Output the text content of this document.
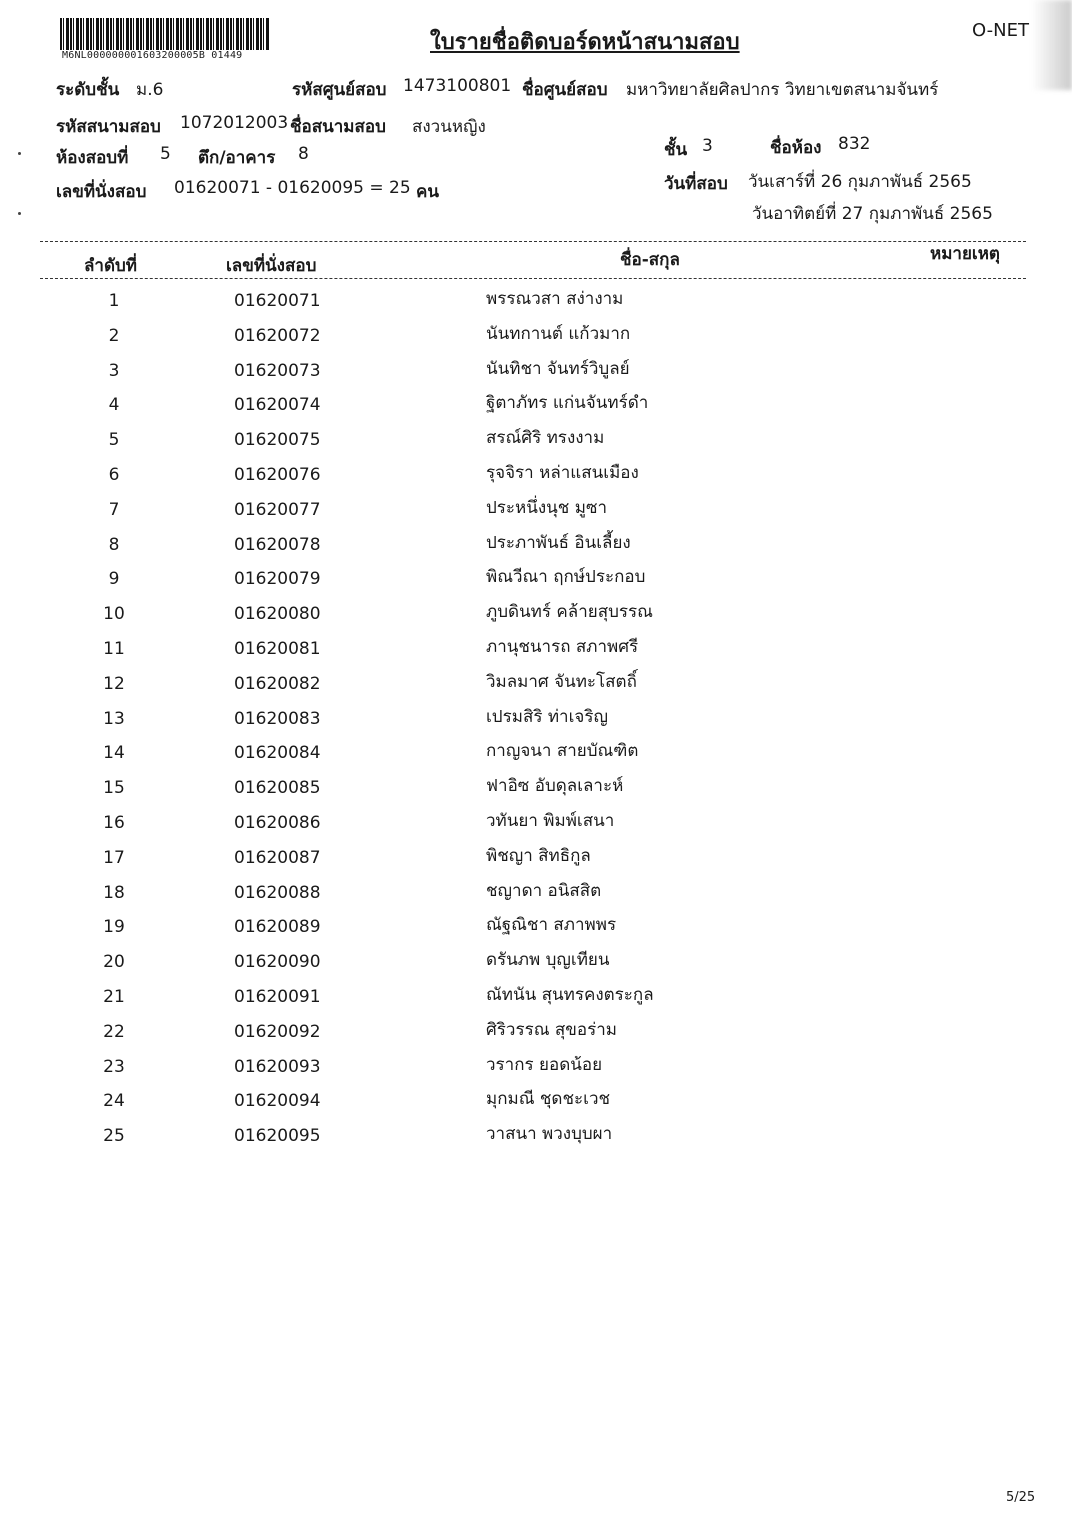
M6NL000000001603200005B 01449
ใบรายชื่อติดบอร์ดหน้าสนามสอบ	O-NET
ระดับชั้น ม.6	รหัสศูนย์สอบ 1473100801 ชื่อศูนย์สอบ มหาวิทยาลัยศิลปากร วิทยาเขตสนามจันทร์
รหัสสนามสอบ 1072012003 ชื่อสนามสอบ สงวนหญิง
ห้องสอบที่ 5 ตึก/อาคาร 8	ชั้น 3	ชื่อห้อง 832
เลขที่นั่งสอบ 01620071 - 01620095 = 25 คน	วันที่สอบ วันเสาร์ที่ 26 กุมภาพันธ์ 2565
วันอาทิตย์ที่ 27 กุมภาพันธ์ 2565
ลำดับที่	เลขที่นั่งสอบ	ชื่อ-สกุล	หมายเหตุ
1	01620071	พรรณวสา สง่างาม
2	01620072	นันทกานต์ แก้วมาก
3	01620073	นันทิชา จันทร์วิบูลย์
4	01620074	ฐิตาภัทร แก่นจันทร์ดำ
5	01620075	สรณ์ศิริ ทรงงาม
6	01620076	รุจจิรา หล่าแสนเมือง
7	01620077	ประหนึ่งนุช มูซา
8	01620078	ประภาพันธ์ อินเลี้ยง
9	01620079	พิณวีณา ฤกษ์ประกอบ
10	01620080	ภูบดินทร์ คล้ายสุบรรณ
11	01620081	ภานุชนารถ สภาพศรี
12	01620082	วิมลมาศ จันทะโสตถิ์
13	01620083	เปรมสิริ ท่าเจริญ
14	01620084	กาญจนา สายบัณฑิต
15	01620085	ฟาอิซ อับดุลเลาะห์
16	01620086	วทันยา พิมพ์เสนา
17	01620087	พิชญา สิทธิกูล
18	01620088	ชญาดา อนิสสิต
19	01620089	ณัฐณิชา สภาพพร
20	01620090	ดรันภพ บุญเทียน
21	01620091	ณัทนัน สุนทรคงตระกูล
22	01620092	ศิริวรรณ สุขอร่าม
23	01620093	วรากร ยอดน้อย
24	01620094	มุกมณี ชุดชะเวช
25	01620095	วาสนา พวงบุบผา
5/25
